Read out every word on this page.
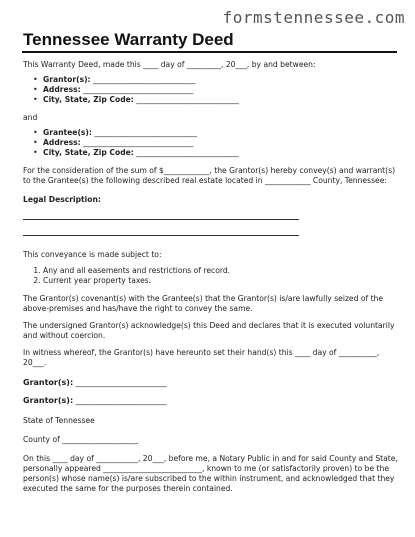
formstennessee.com
Tennessee Warranty Deed

This Warranty Deed, made this ____ day of _________, 20___, by and between:

• Grantor(s): ___________________________
• Address: _____________________________
• City, State, Zip Code: ___________________________

and

• Grantee(s): ___________________________
• Address: _____________________________
• City, State, Zip Code: ___________________________

For the consideration of the sum of $____________, the Grantor(s) hereby convey(s) and warrant(s) to the Grantee(s) the following described real estate located in ____________ County, Tennessee:

Legal Description:

This conveyance is made subject to:

1. Any and all easements and restrictions of record.
2. Current year property taxes.

The Grantor(s) covenant(s) with the Grantee(s) that the Grantor(s) is/are lawfully seized of the above-premises and has/have the right to convey the same.

The undersigned Grantor(s) acknowledge(s) this Deed and declares that it is executed voluntarily and without coercion.

In witness whereof, the Grantor(s) have hereunto set their hand(s) this ____ day of __________, 20___.

Grantor(s): ________________________

Grantor(s): ________________________

State of Tennessee

County of ____________________

On this ____ day of ___________, 20___, before me, a Notary Public in and for said County and State, personally appeared __________________________, known to me (or satisfactorily proven) to be the person(s) whose name(s) is/are subscribed to the within instrument, and acknowledged that they executed the same for the purposes therein contained.
